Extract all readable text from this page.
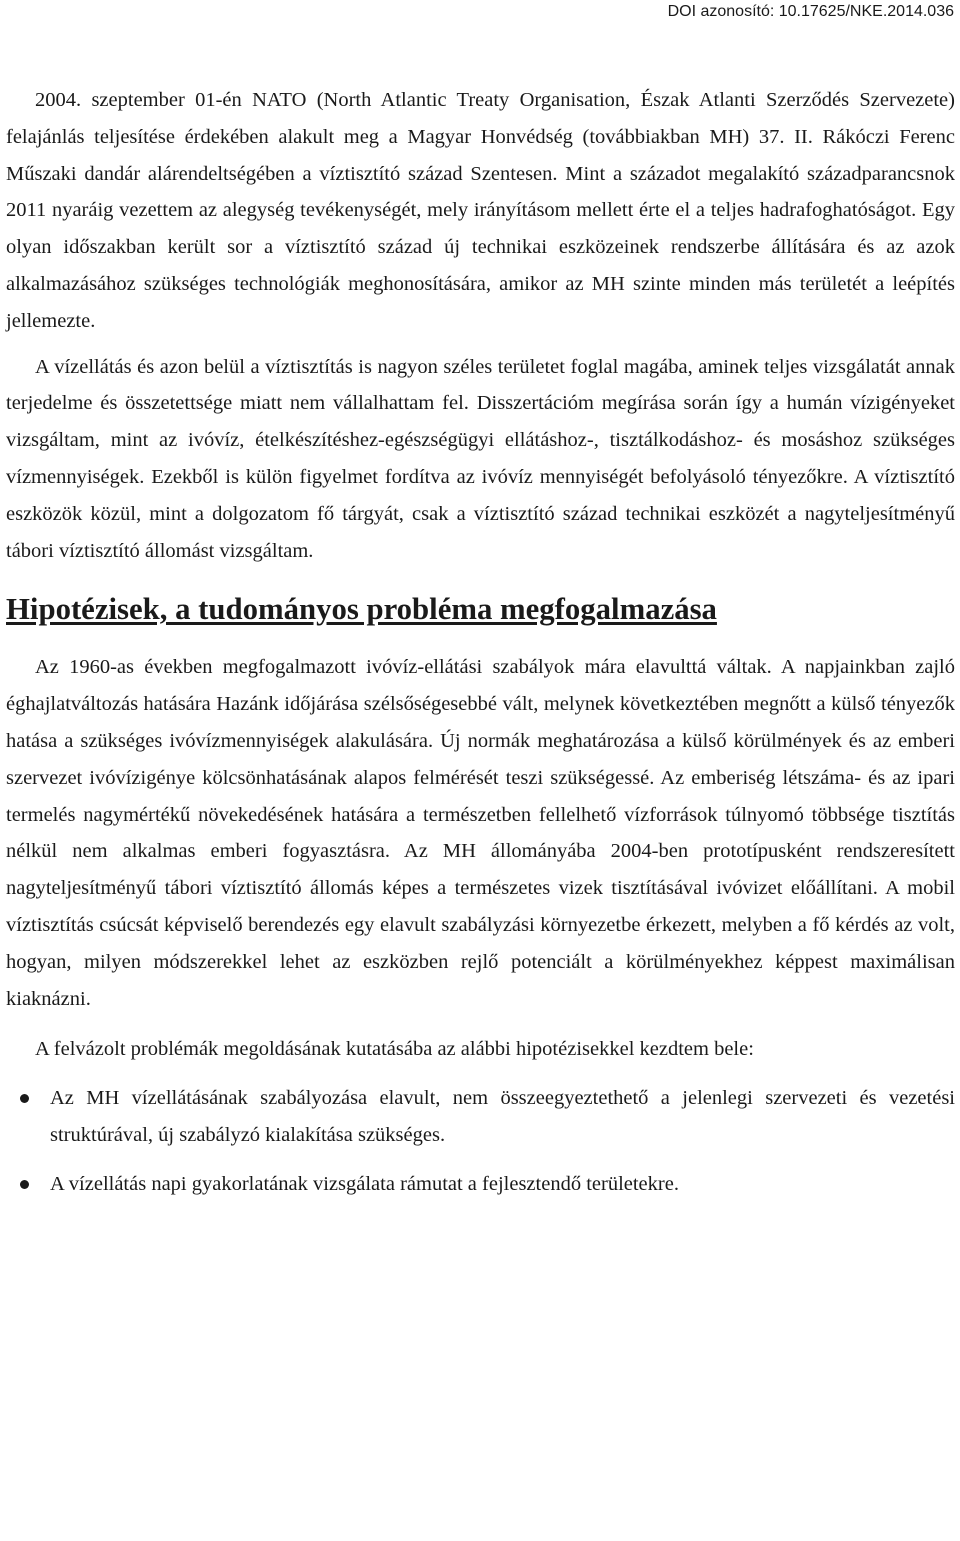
DOI azonosító: 10.17625/NKE.2014.036

2004. szeptember 01-én NATO (North Atlantic Treaty Organisation, Észak Atlanti Szerződés Szervezete) felajánlás teljesítése érdekében alakult meg a Magyar Honvédség (továbbiakban MH) 37. II. Rákóczi Ferenc Műszaki dandár alárendeltségében a víztisztító század Szentesen. Mint a századot megalakító századparancsnok 2011 nyaráig vezettem az alegység tevékenységét, mely irányításom mellett érte el a teljes hadrafoghatóságot. Egy olyan időszakban került sor a víztisztító század új technikai eszközeinek rendszerbe állítására és az azok alkalmazásához szükséges technológiák meghonosítására, amikor az MH szinte minden más területét a leépítés jellemezte.

A vízellátás és azon belül a víztisztítás is nagyon széles területet foglal magába, aminek teljes vizsgálatát annak terjedelme és összetettsége miatt nem vállalhattam fel. Disszertációm megírása során így a humán vízigényeket vizsgáltam, mint az ivóvíz, ételkészítéshez-egészségügyi ellátáshoz-, tisztálkodáshoz- és mosáshoz szükséges vízmennyiségek. Ezekből is külön figyelmet fordítva az ivóvíz mennyiségét befolyásoló tényezőkre. A víztisztító eszközök közül, mint a dolgozatom fő tárgyát, csak a víztisztító század technikai eszközét a nagyteljesítményű tábori víztisztító állomást vizsgáltam.

Hipotézisek, a tudományos probléma megfogalmazása

Az 1960-as években megfogalmazott ivóvíz-ellátási szabályok mára elavulttá váltak. A napjainkban zajló éghajlatváltozás hatására Hazánk időjárása szélsőségesebbé vált, melynek következtében megnőtt a külső tényezők hatása a szükséges ivóvízmennyiségek alakulására. Új normák meghatározása a külső körülmények és az emberi szervezet ivóvízigénye kölcsönhatásának alapos felmérését teszi szükségessé. Az emberiség létszáma- és az ipari termelés nagymértékű növekedésének hatására a természetben fellelhető vízforrások túlnyomó többsége tisztítás nélkül nem alkalmas emberi fogyasztásra. Az MH állományába 2004-ben prototípusként rendszeresített nagyteljesítményű tábori víztisztító állomás képes a természetes vizek tisztításával ivóvizet előállítani. A mobil víztisztítás csúcsát képviselő berendezés egy elavult szabályzási környezetbe érkezett, melyben a fő kérdés az volt, hogyan, milyen módszerekkel lehet az eszközben rejlő potenciált a körülményekhez képpest maximálisan kiaknázni.

A felvázolt problémák megoldásának kutatásába az alábbi hipotézisekkel kezdtem bele:

Az MH vízellátásának szabályozása elavult, nem összeegyeztethető a jelenlegi szervezeti és vezetési struktúrával, új szabályzó kialakítása szükséges.
A vízellátás napi gyakorlatának vizsgálata rámutat a fejlesztendő területekre.
